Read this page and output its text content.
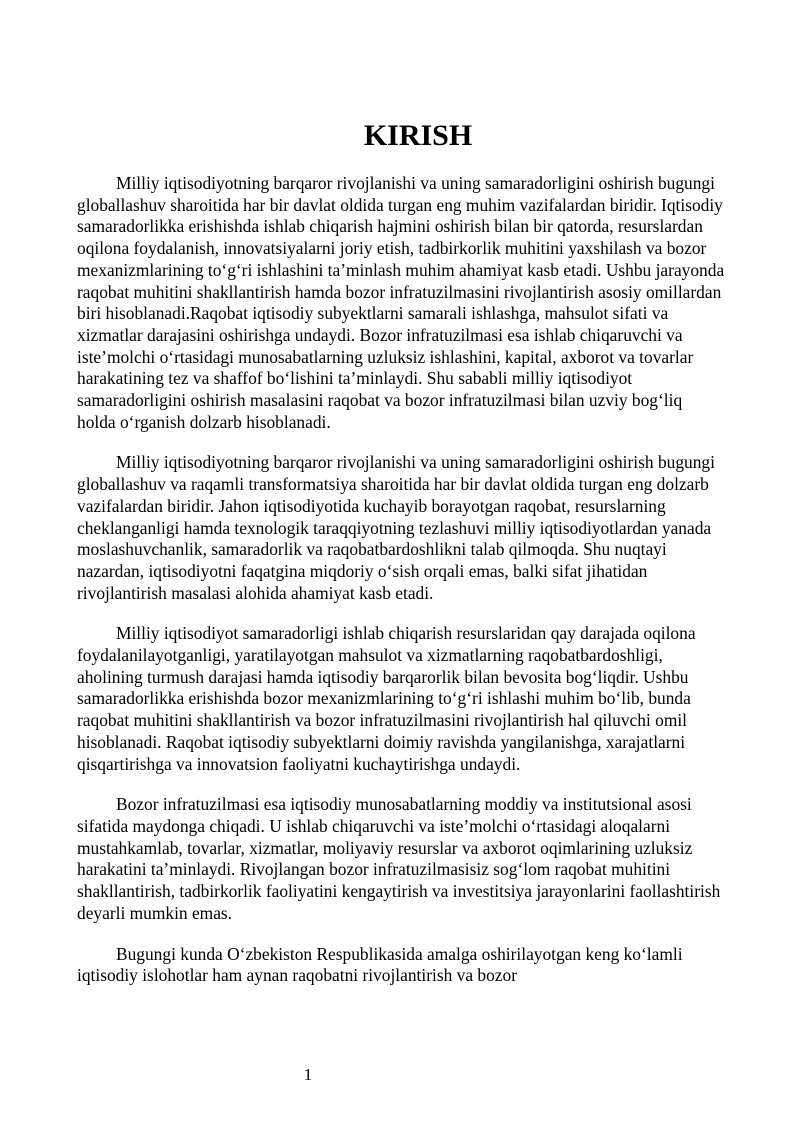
KIRISH

Milliy iqtisodiyotning barqaror rivojlanishi va uning samaradorligini oshirish bugungi globallashuv sharoitida har bir davlat oldida turgan eng muhim vazifalardan biridir. Iqtisodiy samaradorlikka erishishda ishlab chiqarish hajmini oshirish bilan bir qatorda, resurslardan oqilona foydalanish, innovatsiyalarni joriy etish, tadbirkorlik muhitini yaxshilash va bozor mexanizmlarining to‘g‘ri ishlashini ta’minlash muhim ahamiyat kasb etadi. Ushbu jarayonda raqobat muhitini shakllantirish hamda bozor infratuzilmasini rivojlantirish asosiy omillardan biri hisoblanadi.Raqobat iqtisodiy subyektlarni samarali ishlashga, mahsulot sifati va xizmatlar darajasini oshirishga undaydi. Bozor infratuzilmasi esa ishlab chiqaruvchi va iste’molchi o‘rtasidagi munosabatlarning uzluksiz ishlashini, kapital, axborot va tovarlar harakatining tez va shaffof bo‘lishini ta’minlaydi. Shu sababli milliy iqtisodiyot samaradorligini oshirish masalasini raqobat va bozor infratuzilmasi bilan uzviy bog‘liq holda o‘rganish dolzarb hisoblanadi.

Milliy iqtisodiyotning barqaror rivojlanishi va uning samaradorligini oshirish bugungi globallashuv va raqamli transformatsiya sharoitida har bir davlat oldida turgan eng dolzarb vazifalardan biridir. Jahon iqtisodiyotida kuchayib borayotgan raqobat, resurslarning cheklanganligi hamda texnologik taraqqiyotning tezlashuvi milliy iqtisodiyotlardan yanada moslashuvchanlik, samaradorlik va raqobatbardoshlikni talab qilmoqda. Shu nuqtayi nazardan, iqtisodiyotni faqatgina miqdoriy o‘sish orqali emas, balki sifat jihatidan rivojlantirish masalasi alohida ahamiyat kasb etadi.

Milliy iqtisodiyot samaradorligi ishlab chiqarish resurslaridan qay darajada oqilona foydalanilayotganligi, yaratilayotgan mahsulot va xizmatlarning raqobatbardoshligi, aholining turmush darajasi hamda iqtisodiy barqarorlik bilan bevosita bog‘liqdir. Ushbu samaradorlikka erishishda bozor mexanizmlarining to‘g‘ri ishlashi muhim bo‘lib, bunda raqobat muhitini shakllantirish va bozor infratuzilmasini rivojlantirish hal qiluvchi omil hisoblanadi. Raqobat iqtisodiy subyektlarni doimiy ravishda yangilanishga, xarajatlarni qisqartirishga va innovatsion faoliyatni kuchaytirishga undaydi.

Bozor infratuzilmasi esa iqtisodiy munosabatlarning moddiy va institutsional asosi sifatida maydonga chiqadi. U ishlab chiqaruvchi va iste’molchi o‘rtasidagi aloqalarni mustahkamlab, tovarlar, xizmatlar, moliyaviy resurslar va axborot oqimlarining uzluksiz harakatini ta’minlaydi. Rivojlangan bozor infratuzilmasisiz sog‘lom raqobat muhitini shakllantirish, tadbirkorlik faoliyatini kengaytirish va investitsiya jarayonlarini faollashtirish deyarli mumkin emas.

Bugungi kunda O‘zbekiston Respublikasida amalga oshirilayotgan keng ko‘lamli iqtisodiy islohotlar ham aynan raqobatni rivojlantirish va bozor

1
